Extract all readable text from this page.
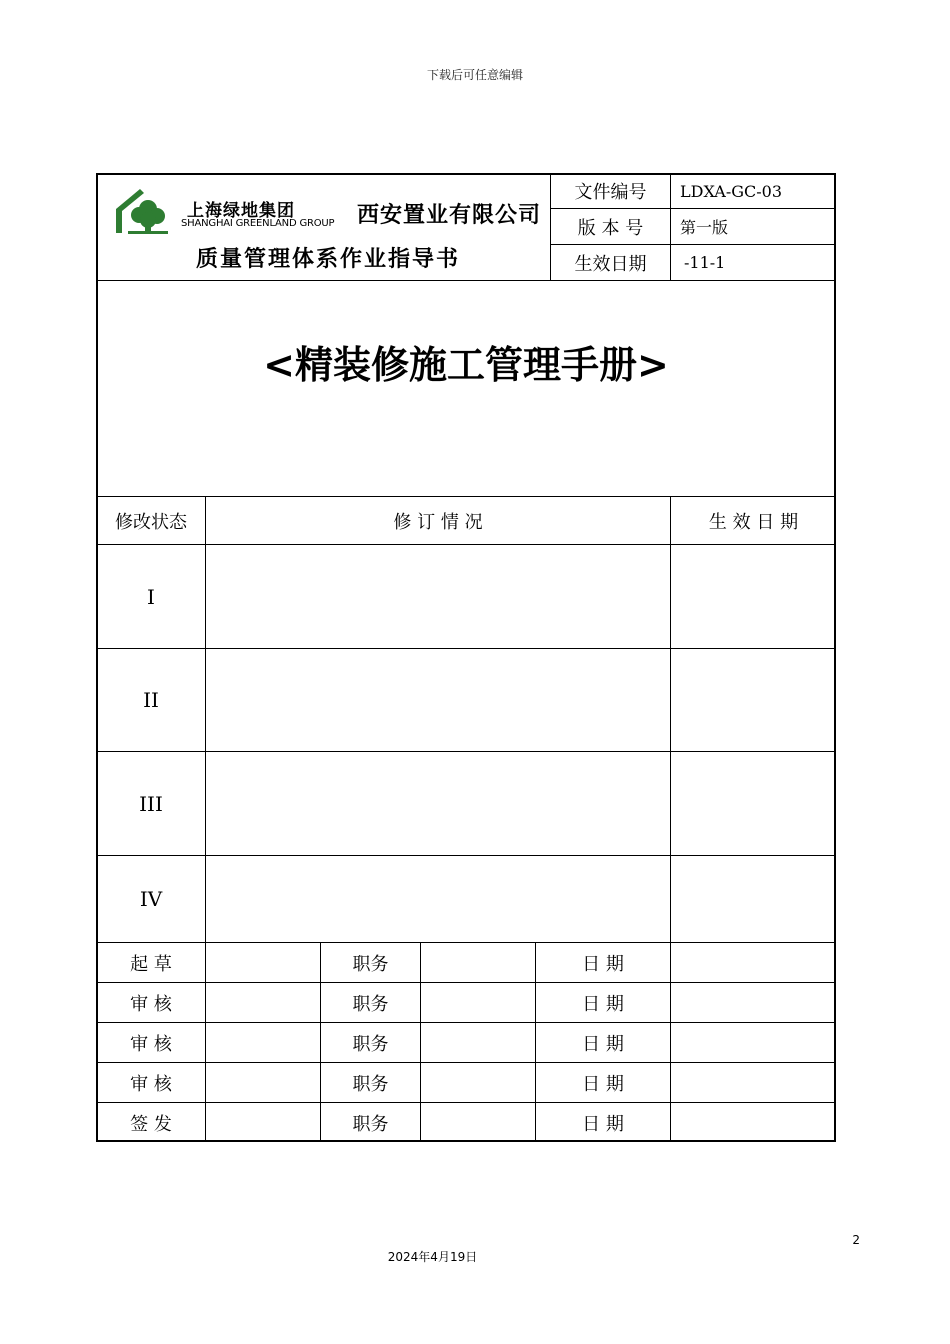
下载后可任意编辑
2
2024年4月19日
上海绿地集团
SHANGHAI GREENLAND GROUP 西安置业有限公司
质量管理体系作业指导书
文件编号	LDXA-GC-03
版 本 号	第一版
生效日期	-11-1
<精装修施工管理手册>
修改状态	修 订 情 况	生 效 日 期
I
II
III
IV
起 草	职务	日 期
审 核	职务	日 期
审 核	职务	日 期
审 核	职务	日 期
签 发	职务	日 期
